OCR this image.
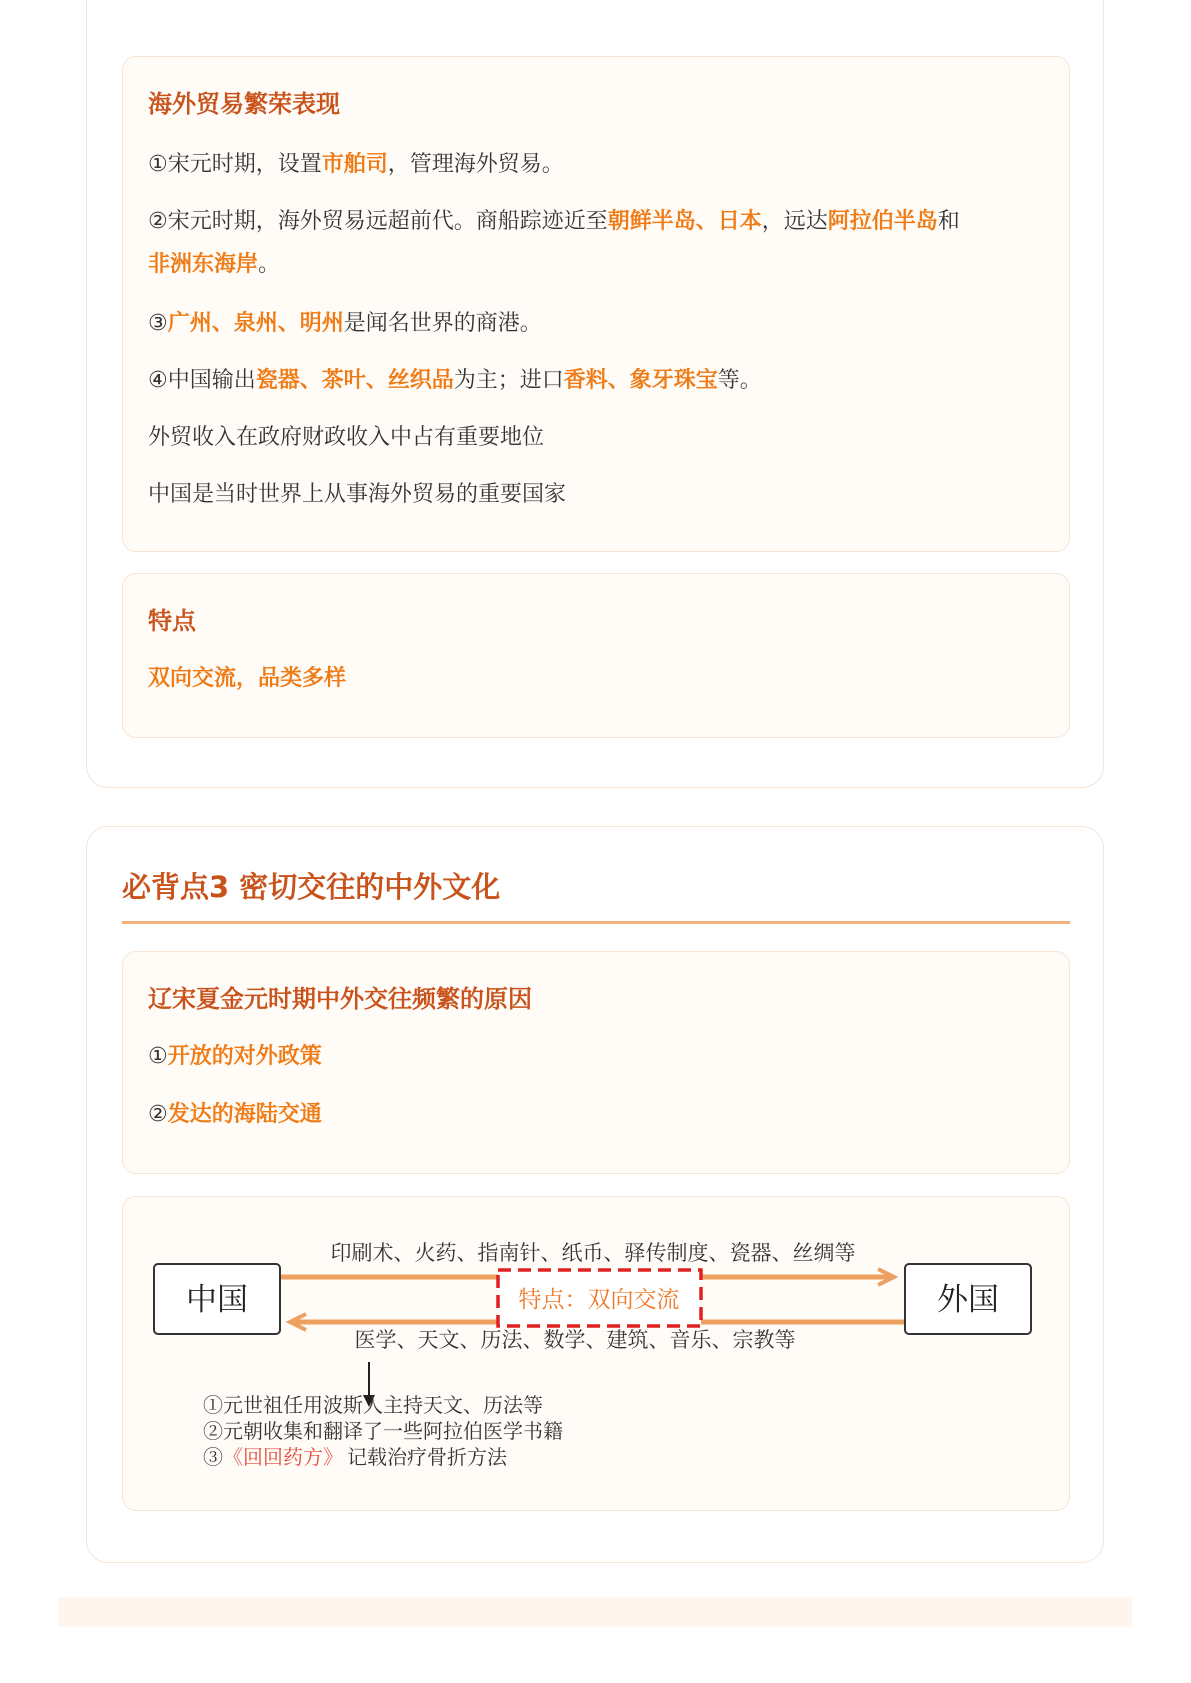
海外贸易繁荣表现

①宋元时期，设置市舶司，管理海外贸易。

②宋元时期，海外贸易远超前代。商船踪迹近至朝鲜半岛、日本，远达阿拉伯半岛和

非洲东海岸。

③广州、泉州、明州是闻名世界的商港。

④中国输出瓷器、茶叶、丝织品为主；进口香料、象牙珠宝等。

外贸收入在政府财政收入中占有重要地位

中国是当时世界上从事海外贸易的重要国家

特点

双向交流，品类多样

必背点3 密切交往的中外文化
辽宋夏金元时期中外交往频繁的原因

①开放的对外政策

②发达的海陆交通

中国	外国
印刷术、火药、指南针、纸币、驿传制度、瓷器、丝绸等
医学、天文、历法、数学、建筑、音乐、宗教等
特点：双向交流
①元世祖任用波斯人主持天文、历法等
②元朝收集和翻译了一些阿拉伯医学书籍
③《回回药方》 记载治疗骨折方法
